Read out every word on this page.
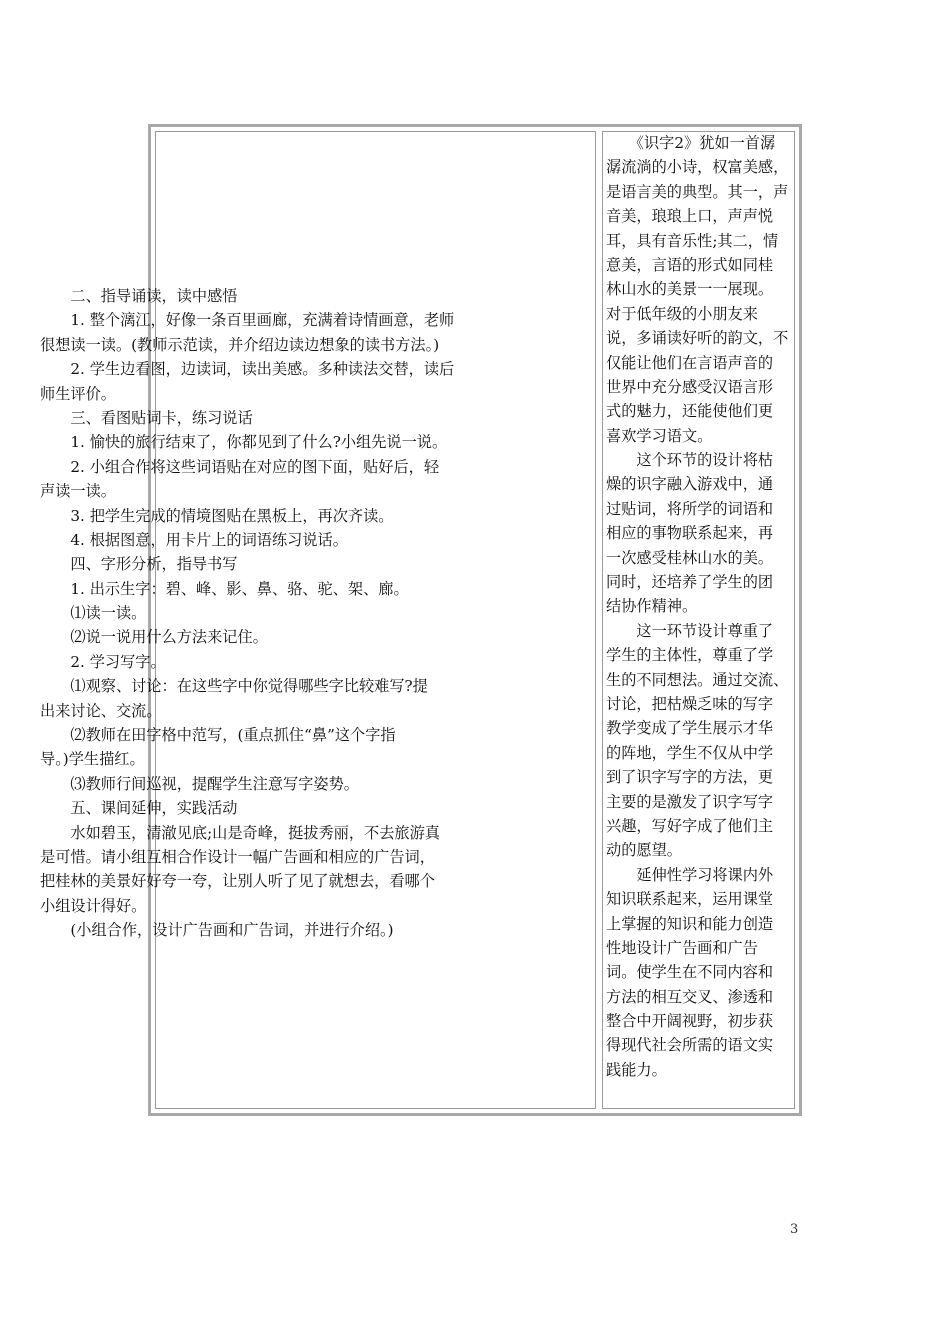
　　二、指导诵读，读中感悟
　　1. 整个漓江，好像一条百里画廊，充满着诗情画意，老师
很想读一读。(教师示范读，并介绍边读边想象的读书方法。)
　　2. 学生边看图，边读词，读出美感。多种读法交替，读后
师生评价。
　　三、看图贴词卡，练习说话
　　1. 愉快的旅行结束了，你都见到了什么?小组先说一说。
　　2. 小组合作将这些词语贴在对应的图下面，贴好后，轻
声读一读。
　　3. 把学生完成的情境图贴在黑板上，再次齐读。
　　4. 根据图意，用卡片上的词语练习说话。
　　四、字形分析，指导书写
　　1. 出示生字：碧、峰、影、鼻、骆、驼、架、廊。
　　⑴读一读。
　　⑵说一说用什么方法来记住。
　　2. 学习写字。
　　⑴观察、讨论：在这些字中你觉得哪些字比较难写?提
出来讨论、交流。
　　⑵教师在田字格中范写，(重点抓住“鼻”这个字指
导。)学生描红。
　　⑶教师行间巡视，提醒学生注意写字姿势。
　　五、课间延伸，实践活动
　　水如碧玉，清澈见底;山是奇峰，挺拔秀丽，不去旅游真
是可惜。请小组互相合作设计一幅广告画和相应的广告词，
把桂林的美景好好夸一夸，让别人听了见了就想去，看哪个
小组设计得好。
　　(小组合作，设计广告画和广告词，并进行介绍。)
　　《识字2》犹如一首潺
潺流淌的小诗，权富美感，
是语言美的典型。其一，声
音美，琅琅上口，声声悦
耳，具有音乐性;其二，情
意美，言语的形式如同桂
林山水的美景一一展现。
对于低年级的小朋友来
说，多诵读好听的韵文，不
仅能让他们在言语声音的
世界中充分感受汉语言形
式的魅力，还能使他们更
喜欢学习语文。
　　这个环节的设计将枯
燥的识字融入游戏中，通
过贴词，将所学的词语和
相应的事物联系起来，再
一次感受桂林山水的美。
同时，还培养了学生的团
结协作精神。
　　这一环节设计尊重了
学生的主体性，尊重了学
生的不同想法。通过交流、
讨论，把枯燥乏味的写字
教学变成了学生展示才华
的阵地，学生不仅从中学
到了识字写字的方法，更
主要的是激发了识字写字
兴趣，写好字成了他们主
动的愿望。
　　延伸性学习将课内外
知识联系起来，运用课堂
上掌握的知识和能力创造
性地设计广告画和广告
词。使学生在不同内容和
方法的相互交叉、渗透和
整合中开阔视野，初步获
得现代社会所需的语文实
践能力。
3
